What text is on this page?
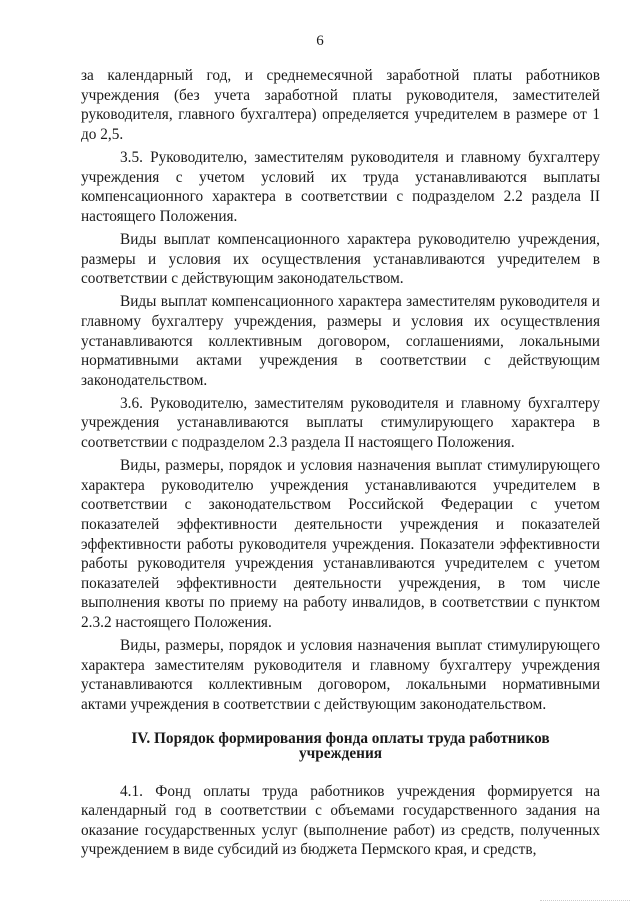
6

за календарный год, и среднемесячной заработной платы работников учреждения (без учета заработной платы руководителя, заместителей руководителя, главного бухгалтера) определяется учредителем в размере от 1 до 2,5.

3.5. Руководителю, заместителям руководителя и главному бухгалтеру учреждения с учетом условий их труда устанавливаются выплаты компенсационного характера в соответствии с подразделом 2.2 раздела II настоящего Положения.

Виды выплат компенсационного характера руководителю учреждения, размеры и условия их осуществления устанавливаются учредителем в соответствии с действующим законодательством.

Виды выплат компенсационного характера заместителям руководителя и главному бухгалтеру учреждения, размеры и условия их осуществления устанавливаются коллективным договором, соглашениями, локальными нормативными актами учреждения в соответствии с действующим законодательством.

3.6. Руководителю, заместителям руководителя и главному бухгалтеру учреждения устанавливаются выплаты стимулирующего характера в соответствии с подразделом 2.3 раздела II настоящего Положения.

Виды, размеры, порядок и условия назначения выплат стимулирующего характера руководителю учреждения устанавливаются учредителем в соответствии с законодательством Российской Федерации с учетом показателей эффективности деятельности учреждения и показателей эффективности работы руководителя учреждения. Показатели эффективности работы руководителя учреждения устанавливаются учредителем с учетом показателей эффективности деятельности учреждения, в том числе выполнения квоты по приему на работу инвалидов, в соответствии с пунктом 2.3.2 настоящего Положения.

Виды, размеры, порядок и условия назначения выплат стимулирующего характера заместителям руководителя и главному бухгалтеру учреждения устанавливаются коллективным договором, локальными нормативными актами учреждения в соответствии с действующим законодательством.

IV. Порядок формирования фонда оплаты труда работников
учреждения

4.1. Фонд оплаты труда работников учреждения формируется на календарный год в соответствии с объемами государственного задания на оказание государственных услуг (выполнение работ) из средств, полученных учреждением в виде субсидий из бюджета Пермского края, и средств,
